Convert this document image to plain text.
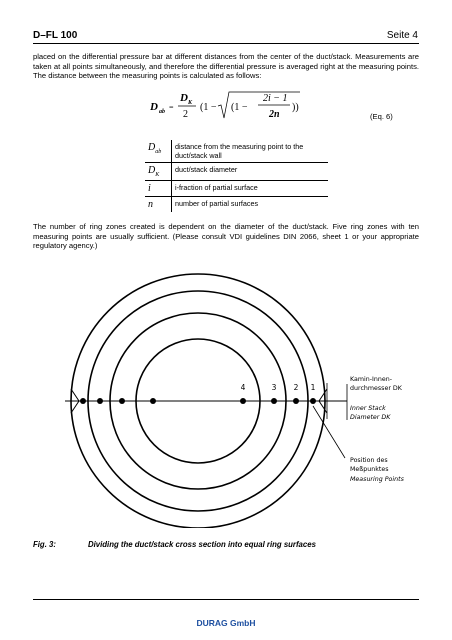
D–FL 100	Seite 4
placed on the differential pressure bar at different distances from the center of the duct/stack. Measurements are taken at all points simultaneously, and therefore the differential pressure is averaged right at the measuring points. The distance between the measuring points is calculated as follows:
D ab =
D K
2
(1 − (1 −
2i − 1
2n
))
(Eq. 6)
$D_{ab}$	distance from the measuring point to the duct/stack wall
$D_K$	duct/stack diameter
i	i-fraction of partial surface
n	number of partial surfaces
The number of ring zones created is dependent on the diameter of the duct/stack. Five ring zones with ten measuring points are usually sufficient. (Please consult VDI guidelines DIN 2066, sheet 1 or your appropriate regulatory agency.)
4	3 2 1
Kamin-Innen-
durchmesser DK
Inner Stack
Diameter DK
Position des
Meßpunktes
Measuring Points
Fig. 3:	Dividing the duct/stack cross section into equal ring surfaces
DURAG GmbH
